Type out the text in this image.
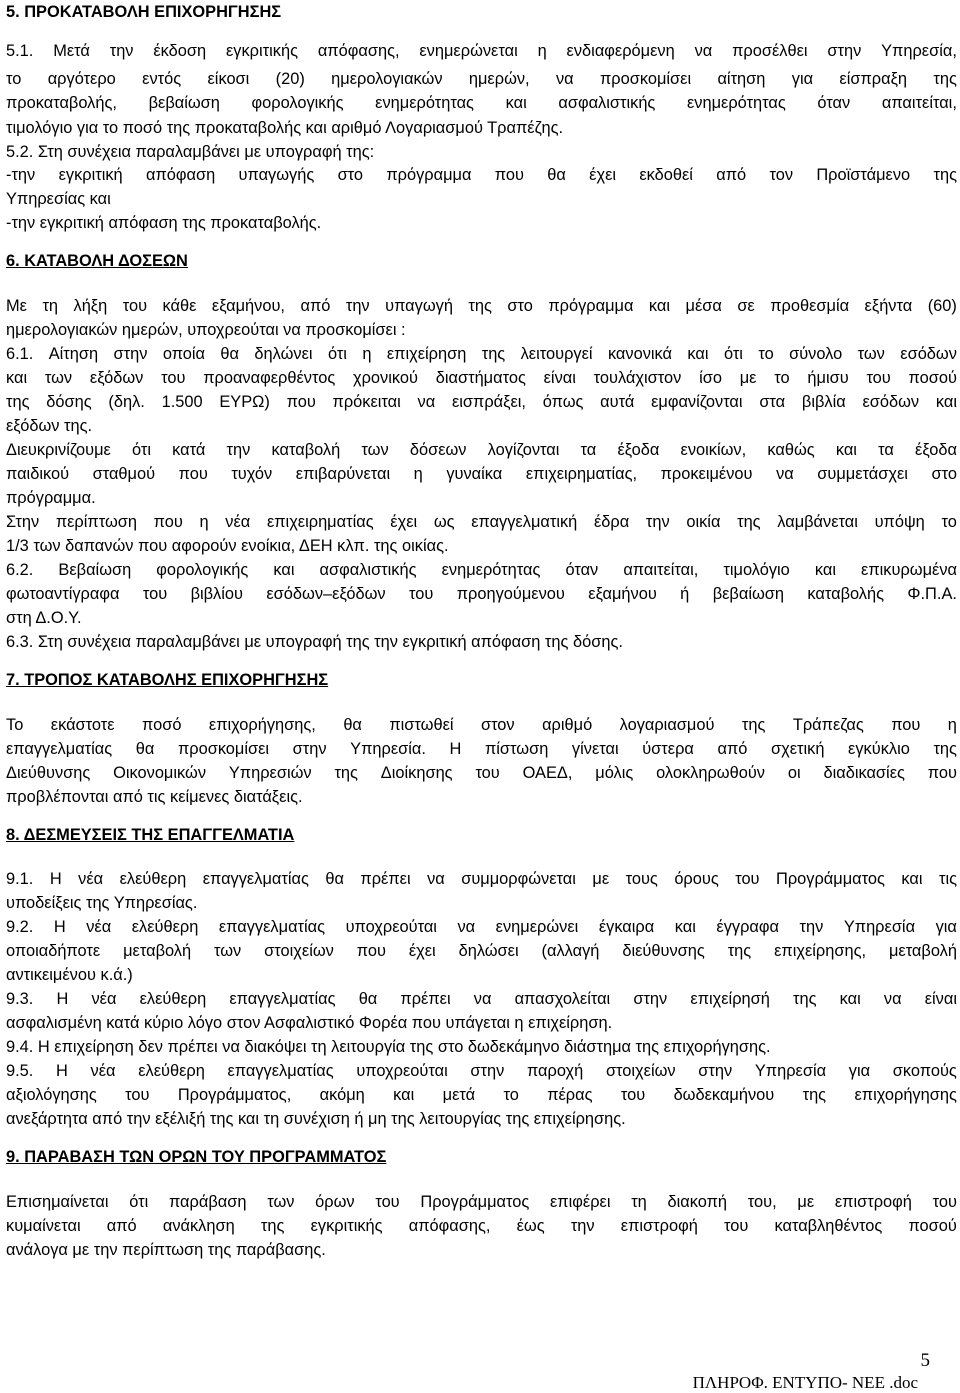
5. ΠΡΟΚΑΤΑΒΟΛΗ ΕΠΙΧΟΡΗΓΗΣΗΣ
5.1. Μετά την έκδοση εγκριτικής απόφασης, ενημερώνεται η ενδιαφερόμενη να προσέλθει στην Υπηρεσία,
το αργότερο εντός είκοσι (20) ημερολογιακών ημερών, να προσκομίσει αίτηση για είσπραξη της
προκαταβολής, βεβαίωση φορολογικής ενημερότητας και ασφαλιστικής ενημερότητας όταν απαιτείται,
τιμολόγιο για το ποσό της προκαταβολής και αριθμό Λογαριασμού Τραπέζης.
5.2. Στη συνέχεια παραλαμβάνει με υπογραφή της:
-την εγκριτική απόφαση υπαγωγής στο πρόγραμμα που θα έχει εκδοθεί από τον Προϊστάμενο της
Υπηρεσίας και
-την εγκριτική απόφαση της προκαταβολής.
6. ΚΑΤΑΒΟΛΗ ΔΟΣΕΩΝ
Με τη λήξη του κάθε εξαμήνου, από την υπαγωγή της στο πρόγραμμα και μέσα σε προθεσμία εξήντα (60)
ημερολογιακών ημερών, υποχρεούται να προσκομίσει :
6.1. Αίτηση στην οποία θα δηλώνει ότι η επιχείρηση της λειτουργεί κανονικά και ότι το σύνολο των εσόδων
και των εξόδων του προαναφερθέντος χρονικού διαστήματος είναι τουλάχιστον ίσο με το ήμισυ του ποσού
της δόσης (δηλ. 1.500 ΕΥΡΩ) που πρόκειται να εισπράξει, όπως αυτά εμφανίζονται στα βιβλία εσόδων και
εξόδων της.
Διευκρινίζουμε ότι κατά την καταβολή των δόσεων λογίζονται τα έξοδα ενοικίων, καθώς και τα έξοδα
παιδικού σταθμού που τυχόν επιβαρύνεται η γυναίκα επιχειρηματίας, προκειμένου να συμμετάσχει στο
πρόγραμμα.
Στην περίπτωση που η νέα επιχειρηματίας έχει ως επαγγελματική έδρα την οικία της λαμβάνεται υπόψη το
1/3 των δαπανών που αφορούν ενοίκια, ΔΕΗ κλπ. της οικίας.
6.2. Βεβαίωση φορολογικής και ασφαλιστικής ενημερότητας όταν απαιτείται, τιμολόγιο και επικυρωμένα
φωτοαντίγραφα του βιβλίου εσόδων–εξόδων του προηγούμενου εξαμήνου ή βεβαίωση καταβολής Φ.Π.Α.
στη Δ.Ο.Υ.
6.3. Στη συνέχεια παραλαμβάνει με υπογραφή της την εγκριτική απόφαση της δόσης.
7. ΤΡΟΠΟΣ ΚΑΤΑΒΟΛΗΣ ΕΠΙΧΟΡΗΓΗΣΗΣ
Το εκάστοτε ποσό επιχορήγησης, θα πιστωθεί στον αριθμό λογαριασμού της Τράπεζας που η
επαγγελματίας θα προσκομίσει στην Υπηρεσία. Η πίστωση γίνεται ύστερα από σχετική εγκύκλιο της
Διεύθυνσης Οικονομικών Υπηρεσιών της Διοίκησης του ΟΑΕΔ, μόλις ολοκληρωθούν οι διαδικασίες που
προβλέπονται από τις κείμενες διατάξεις.
8. ΔΕΣΜΕΥΣΕΙΣ ΤΗΣ ΕΠΑΓΓΕΛΜΑΤΙΑ
9.1. Η νέα ελεύθερη επαγγελματίας θα πρέπει να συμμορφώνεται με τους όρους του Προγράμματος και τις
υποδείξεις της Υπηρεσίας.
9.2. Η νέα ελεύθερη επαγγελματίας υποχρεούται να ενημερώνει έγκαιρα και έγγραφα την Υπηρεσία για
οποιαδήποτε μεταβολή των στοιχείων που έχει δηλώσει (αλλαγή διεύθυνσης της επιχείρησης, μεταβολή
αντικειμένου κ.ά.)
9.3. Η νέα ελεύθερη επαγγελματίας θα πρέπει να απασχολείται στην επιχείρησή της και να είναι
ασφαλισμένη κατά κύριο λόγο στον Ασφαλιστικό Φορέα που υπάγεται η επιχείρηση.
9.4. Η επιχείρηση δεν πρέπει να διακόψει τη λειτουργία της στο δωδεκάμηνο διάστημα της επιχορήγησης.
9.5. Η νέα ελεύθερη επαγγελματίας υποχρεούται στην παροχή στοιχείων στην Υπηρεσία για σκοπούς
αξιολόγησης του Προγράμματος, ακόμη και μετά το πέρας του δωδεκαμήνου της επιχορήγησης
ανεξάρτητα από την εξέλιξή της και τη συνέχιση ή μη της λειτουργίας της επιχείρησης.
9. ΠΑΡΑΒΑΣΗ ΤΩΝ ΟΡΩΝ ΤΟΥ ΠΡΟΓΡΑΜΜΑΤΟΣ
Επισημαίνεται ότι παράβαση των όρων του Προγράμματος επιφέρει τη διακοπή του, με επιστροφή του
κυμαίνεται από ανάκληση της εγκριτικής απόφασης, έως την επιστροφή του καταβληθέντος ποσού
ανάλογα με την περίπτωση της παράβασης.
5
ΠΛΗΡΟΦ. ΕΝΤΥΠΟ- ΝΕΕ .doc
